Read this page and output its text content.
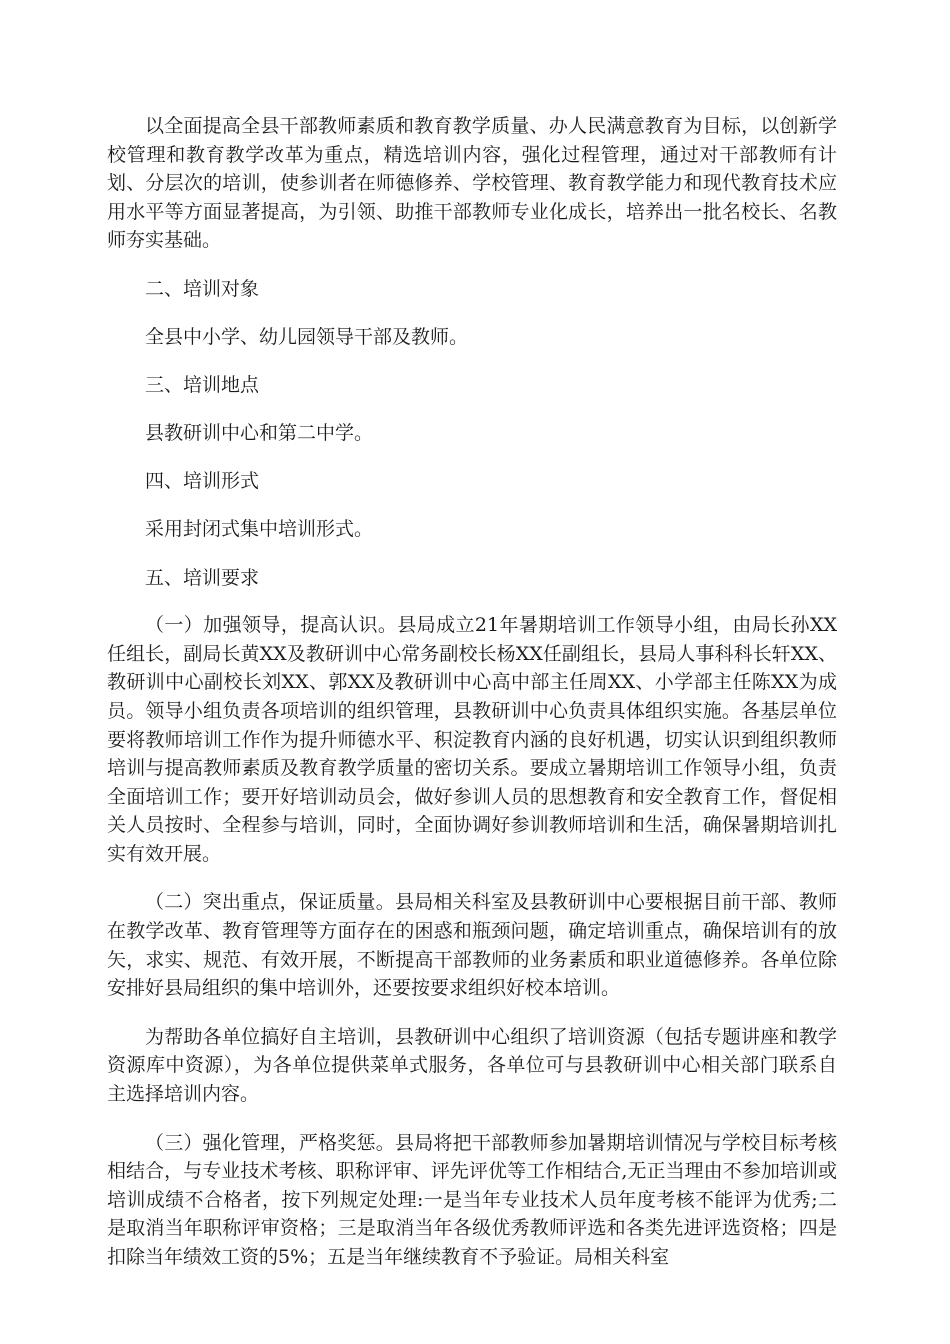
以全面提高全县干部教师素质和教育教学质量、办人民满意教育为目标，以创新学校管理和教育教学改革为重点，精选培训内容，强化过程管理，通过对干部教师有计划、分层次的培训，使参训者在师德修养、学校管理、教育教学能力和现代教育技术应用水平等方面显著提高，为引领、助推干部教师专业化成长，培养出一批名校长、名教师夯实基础。

二、培训对象

全县中小学、幼儿园领导干部及教师。

三、培训地点

县教研训中心和第二中学。

四、培训形式

采用封闭式集中培训形式。

五、培训要求

（一）加强领导，提高认识。县局成立21年暑期培训工作领导小组，由局长孙XX任组长，副局长黄XX及教研训中心常务副校长杨XX任副组长，县局人事科科长轩XX、教研训中心副校长刘XX、郭XX及教研训中心高中部主任周XX、小学部主任陈XX为成员。领导小组负责各项培训的组织管理，县教研训中心负责具体组织实施。各基层单位要将教师培训工作作为提升师德水平、积淀教育内涵的良好机遇，切实认识到组织教师培训与提高教师素质及教育教学质量的密切关系。要成立暑期培训工作领导小组，负责全面培训工作；要开好培训动员会，做好参训人员的思想教育和安全教育工作，督促相关人员按时、全程参与培训，同时，全面协调好参训教师培训和生活，确保暑期培训扎实有效开展。

（二）突出重点，保证质量。县局相关科室及县教研训中心要根据目前干部、教师在教学改革、教育管理等方面存在的困惑和瓶颈问题，确定培训重点，确保培训有的放矢，求实、规范、有效开展，不断提高干部教师的业务素质和职业道德修养。各单位除安排好县局组织的集中培训外，还要按要求组织好校本培训。

为帮助各单位搞好自主培训，县教研训中心组织了培训资源（包括专题讲座和教学资源库中资源），为各单位提供菜单式服务，各单位可与县教研训中心相关部门联系自主选择培训内容。

（三）强化管理，严格奖惩。县局将把干部教师参加暑期培训情况与学校目标考核相结合，与专业技术考核、职称评审、评先评优等工作相结合,无正当理由不参加培训或培训成绩不合格者，按下列规定处理:一是当年专业技术人员年度考核不能评为优秀;二是取消当年职称评审资格；三是取消当年各级优秀教师评选和各类先进评选资格；四是扣除当年绩效工资的5%；五是当年继续教育不予验证。局相关科室
